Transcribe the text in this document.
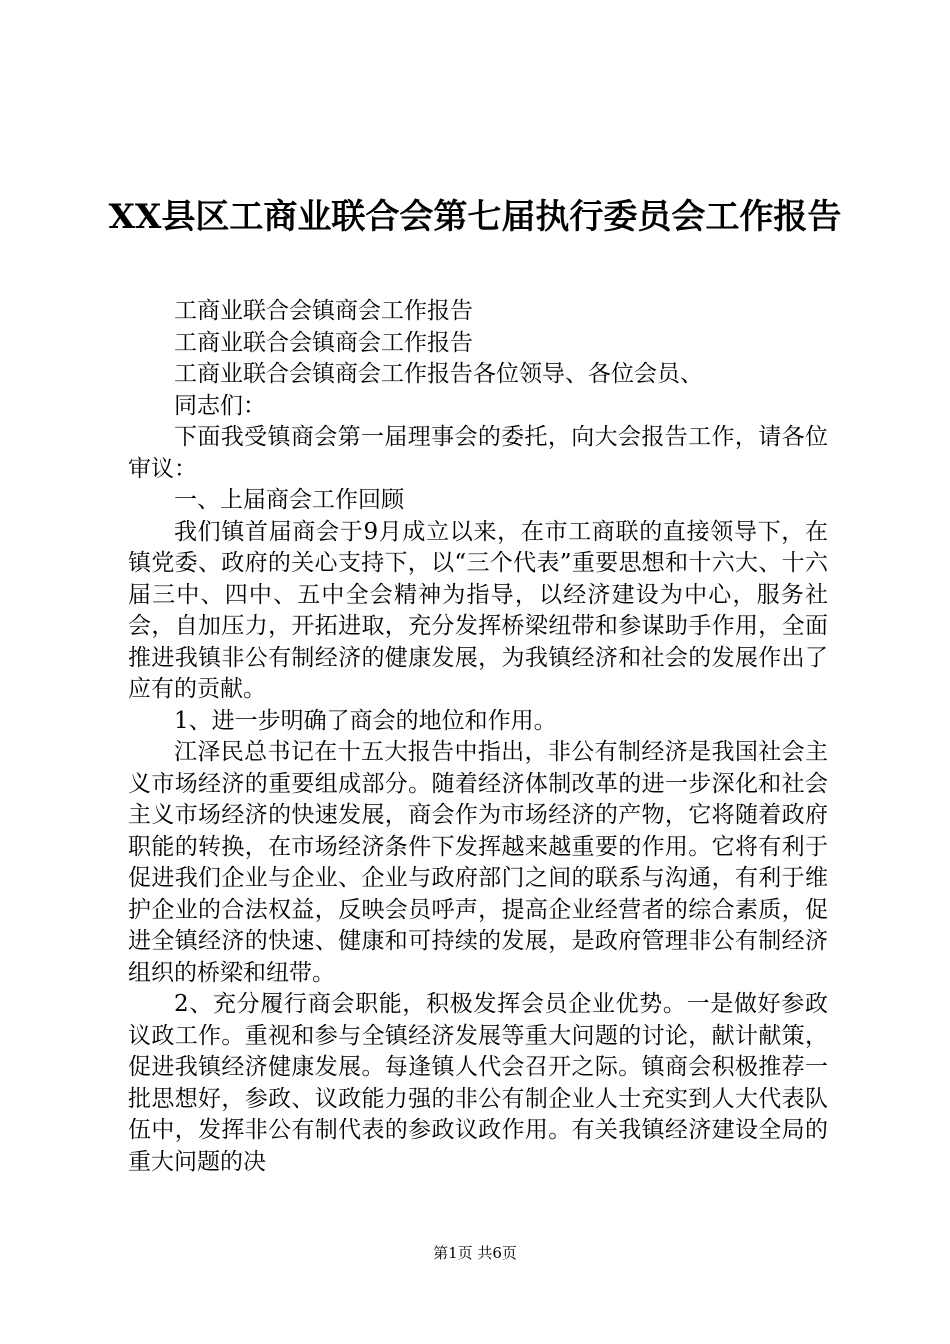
XX县区工商业联合会第七届执行委员会工作报告

工商业联合会镇商会工作报告

工商业联合会镇商会工作报告

工商业联合会镇商会工作报告各位领导、各位会员、

同志们：

下面我受镇商会第一届理事会的委托，向大会报告工作，请各位审议：

一、上届商会工作回顾

我们镇首届商会于9月成立以来，在市工商联的直接领导下，在镇党委、政府的关心支持下，以“三个代表”重要思想和十六大、十六届三中、四中、五中全会精神为指导，以经济建设为中心，服务社会，自加压力，开拓进取，充分发挥桥梁纽带和参谋助手作用，全面推进我镇非公有制经济的健康发展，为我镇经济和社会的发展作出了应有的贡献。

1、进一步明确了商会的地位和作用。

江泽民总书记在十五大报告中指出，非公有制经济是我国社会主义市场经济的重要组成部分。随着经济体制改革的进一步深化和社会主义市场经济的快速发展，商会作为市场经济的产物，它将随着政府职能的转换，在市场经济条件下发挥越来越重要的作用。它将有利于促进我们企业与企业、企业与政府部门之间的联系与沟通，有利于维护企业的合法权益，反映会员呼声，提高企业经营者的综合素质，促进全镇经济的快速、健康和可持续的发展，是政府管理非公有制经济组织的桥梁和纽带。

2、充分履行商会职能，积极发挥会员企业优势。一是做好参政议政工作。重视和参与全镇经济发展等重大问题的讨论，献计献策，促进我镇经济健康发展。每逢镇人代会召开之际。镇商会积极推荐一批思想好，参政、议政能力强的非公有制企业人士充实到人大代表队伍中，发挥非公有制代表的参政议政作用。有关我镇经济建设全局的重大问题的决

第1页 共6页
